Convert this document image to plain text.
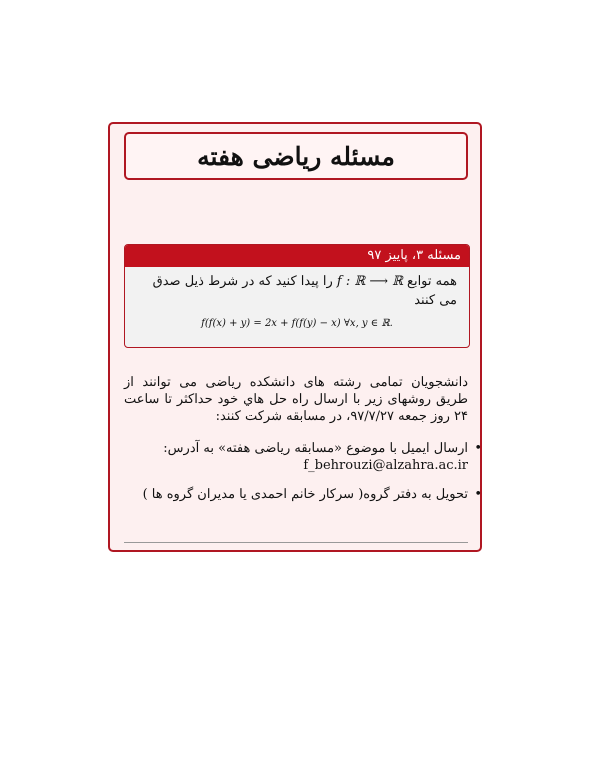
مسئله ریاضی هفته
مسئله ۳، پاییز ۹۷
همه توابع f : ℝ ⟶ ℝ را پیدا کنید که در شرط ذیل صدق می کنند
f(f(x) + y) = 2x + f(f(y) − x) ∀x, y ∈ ℝ.
دانشجویان تمامی رشته های دانشکده ریاضی می توانند از طریق روشهای زیر با ارسال راه حل هاي خود حداکثر تا ساعت ۲۴ روز جمعه ۹۷/۷/۲۷، در مسابقه شرکت کنند:
• ارسال ایمیل با موضوع «مسابقه ریاضی هفته» به آدرس:
f_behrouzi@alzahra.ac.ir
• تحویل به دفتر گروه( سرکار خانم احمدی یا مدیران گروه ها )
